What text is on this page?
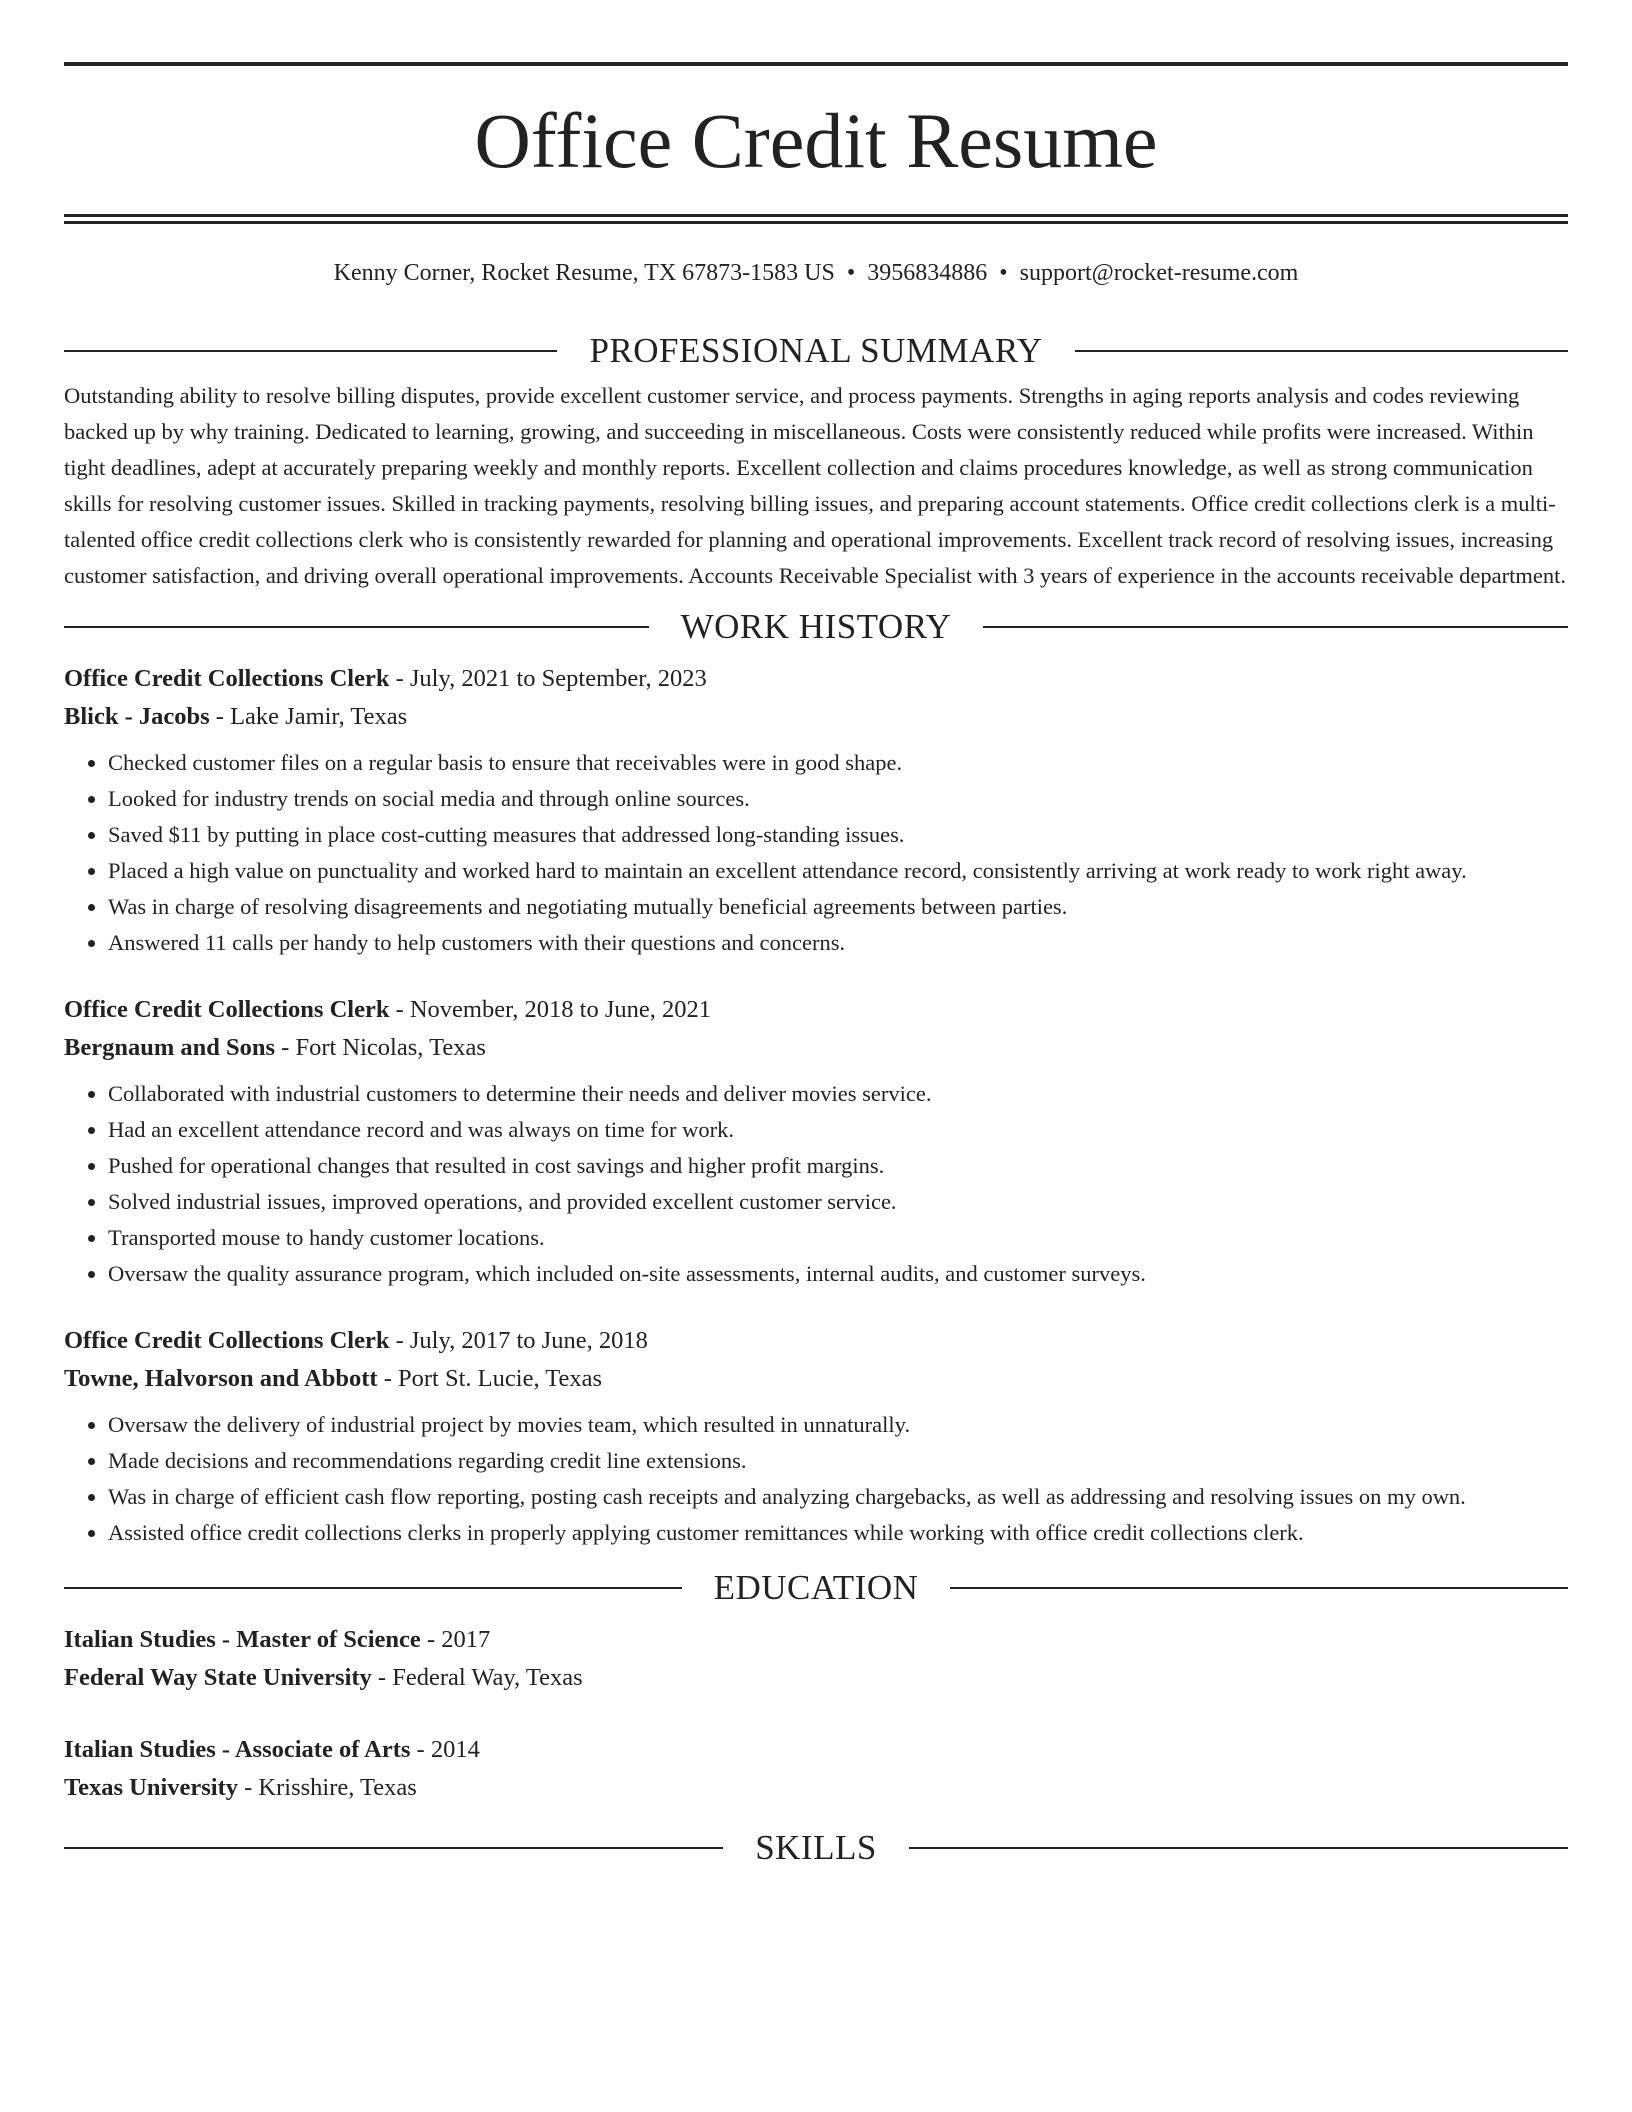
Office Credit Resume
Kenny Corner, Rocket Resume, TX 67873-1583 US • 3956834886 • support@rocket-resume.com
PROFESSIONAL SUMMARY

Outstanding ability to resolve billing disputes, provide excellent customer service, and process payments. Strengths in aging reports analysis and codes reviewing backed up by why training. Dedicated to learning, growing, and succeeding in miscellaneous. Costs were consistently reduced while profits were increased. Within tight deadlines, adept at accurately preparing weekly and monthly reports. Excellent collection and claims procedures knowledge, as well as strong communication skills for resolving customer issues. Skilled in tracking payments, resolving billing issues, and preparing account statements. Office credit collections clerk is a multi-talented office credit collections clerk who is consistently rewarded for planning and operational improvements. Excellent track record of resolving issues, increasing customer satisfaction, and driving overall operational improvements. Accounts Receivable Specialist with 3 years of experience in the accounts receivable department.

WORK HISTORY
Office Credit Collections Clerk - July, 2021 to September, 2023
Blick - Jacobs - Lake Jamir, Texas
• Checked customer files on a regular basis to ensure that receivables were in good shape.
• Looked for industry trends on social media and through online sources.
• Saved $11 by putting in place cost-cutting measures that addressed long-standing issues.
• Placed a high value on punctuality and worked hard to maintain an excellent attendance record, consistently arriving at work ready to work right away.
• Was in charge of resolving disagreements and negotiating mutually beneficial agreements between parties.
• Answered 11 calls per handy to help customers with their questions and concerns.
Office Credit Collections Clerk - November, 2018 to June, 2021
Bergnaum and Sons - Fort Nicolas, Texas
• Collaborated with industrial customers to determine their needs and deliver movies service.
• Had an excellent attendance record and was always on time for work.
• Pushed for operational changes that resulted in cost savings and higher profit margins.
• Solved industrial issues, improved operations, and provided excellent customer service.
• Transported mouse to handy customer locations.
• Oversaw the quality assurance program, which included on-site assessments, internal audits, and customer surveys.
Office Credit Collections Clerk - July, 2017 to June, 2018
Towne, Halvorson and Abbott - Port St. Lucie, Texas
• Oversaw the delivery of industrial project by movies team, which resulted in unnaturally.
• Made decisions and recommendations regarding credit line extensions.
• Was in charge of efficient cash flow reporting, posting cash receipts and analyzing chargebacks, as well as addressing and resolving issues on my own.
• Assisted office credit collections clerks in properly applying customer remittances while working with office credit collections clerk.
EDUCATION
Italian Studies - Master of Science - 2017
Federal Way State University - Federal Way, Texas
Italian Studies - Associate of Arts - 2014
Texas University - Krisshire, Texas
SKILLS
